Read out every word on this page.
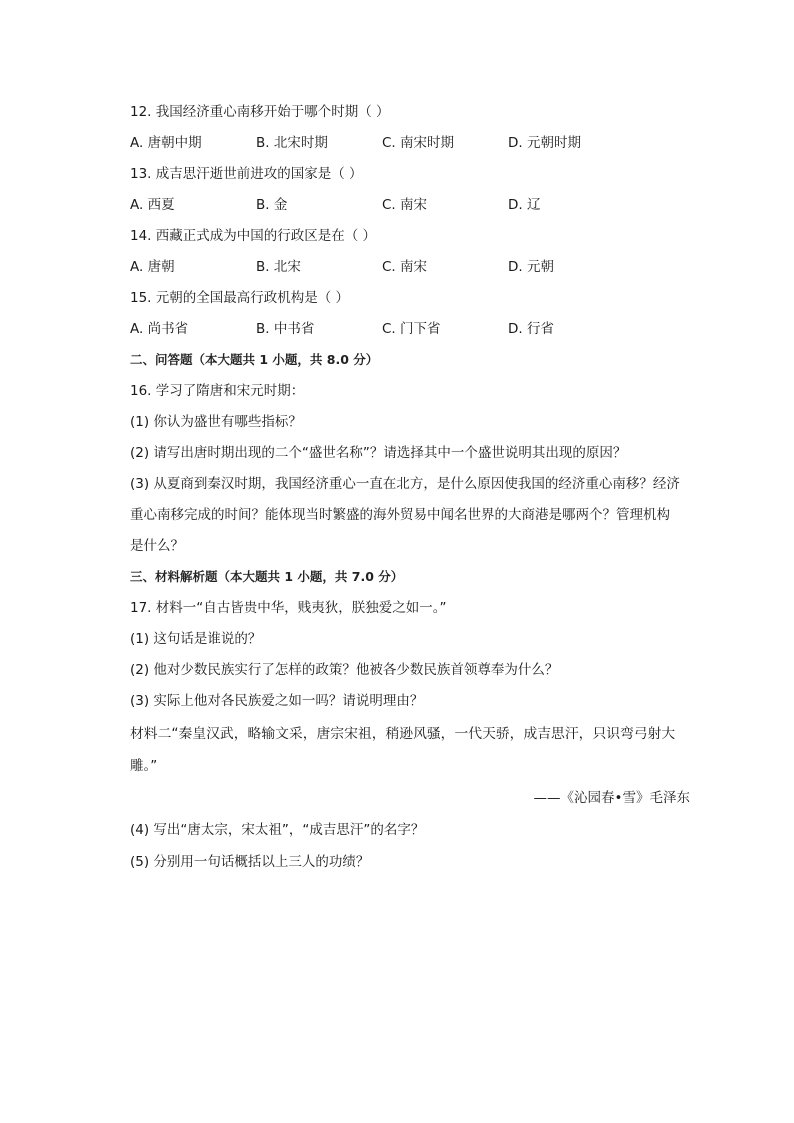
12. 我国经济重心南移开始于哪个时期（ ）
A. 唐朝中期	B. 北宋时期	C. 南宋时期	D. 元朝时期
13. 成吉思汗逝世前进攻的国家是（ ）
A. 西夏	B. 金	C. 南宋	D. 辽
14. 西藏正式成为中国的行政区是在（ ）
A. 唐朝	B. 北宋	C. 南宋	D. 元朝
15. 元朝的全国最高行政机构是（ ）
A. 尚书省	B. 中书省	C. 门下省	D. 行省
二、问答题（本大题共 1 小题，共 8.0 分）
16. 学习了隋唐和宋元时期：
(1) 你认为盛世有哪些指标？
(2) 请写出唐时期出现的二个“盛世名称”？请选择其中一个盛世说明其出现的原因？
(3) 从夏商到秦汉时期，我国经济重心一直在北方，是什么原因使我国的经济重心南移？经济
重心南移完成的时间？能体现当时繁盛的海外贸易中闻名世界的大商港是哪两个？管理机构
是什么？
三、材料解析题（本大题共 1 小题，共 7.0 分）
17. 材料一“自古皆贵中华，贱夷狄，朕独爱之如一。”
(1) 这句话是谁说的？
(2) 他对少数民族实行了怎样的政策？他被各少数民族首领尊奉为什么？
(3) 实际上他对各民族爱之如一吗？请说明理由？
材料二“秦皇汉武，略输文采，唐宗宋祖，稍逊风骚，一代天骄，成吉思汗，只识弯弓射大
雕。”
——《沁园春•雪》毛泽东
(4) 写出“唐太宗，宋太祖”，“成吉思汗”的名字？
(5) 分别用一句话概括以上三人的功绩？
